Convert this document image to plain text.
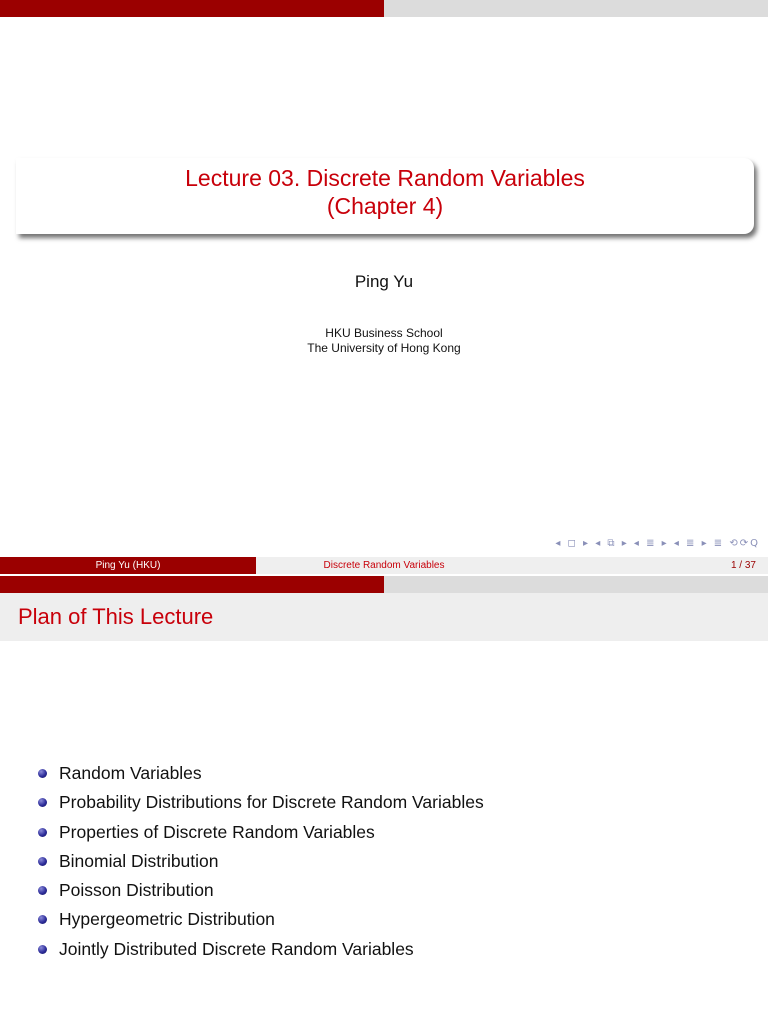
Lecture 03. Discrete Random Variables
(Chapter 4)
Ping Yu
HKU Business School
The University of Hong Kong
◂ ◻ ▸ ◂ ⧉ ▸ ◂ ≣ ▸ ◂ ≣ ▸ ≣ ⟲⟳Q
Ping Yu (HKU)	Discrete Random Variables	1 / 37
Plan of This Lecture
Random Variables
Probability Distributions for Discrete Random Variables
Properties of Discrete Random Variables
Binomial Distribution
Poisson Distribution
Hypergeometric Distribution
Jointly Distributed Discrete Random Variables
